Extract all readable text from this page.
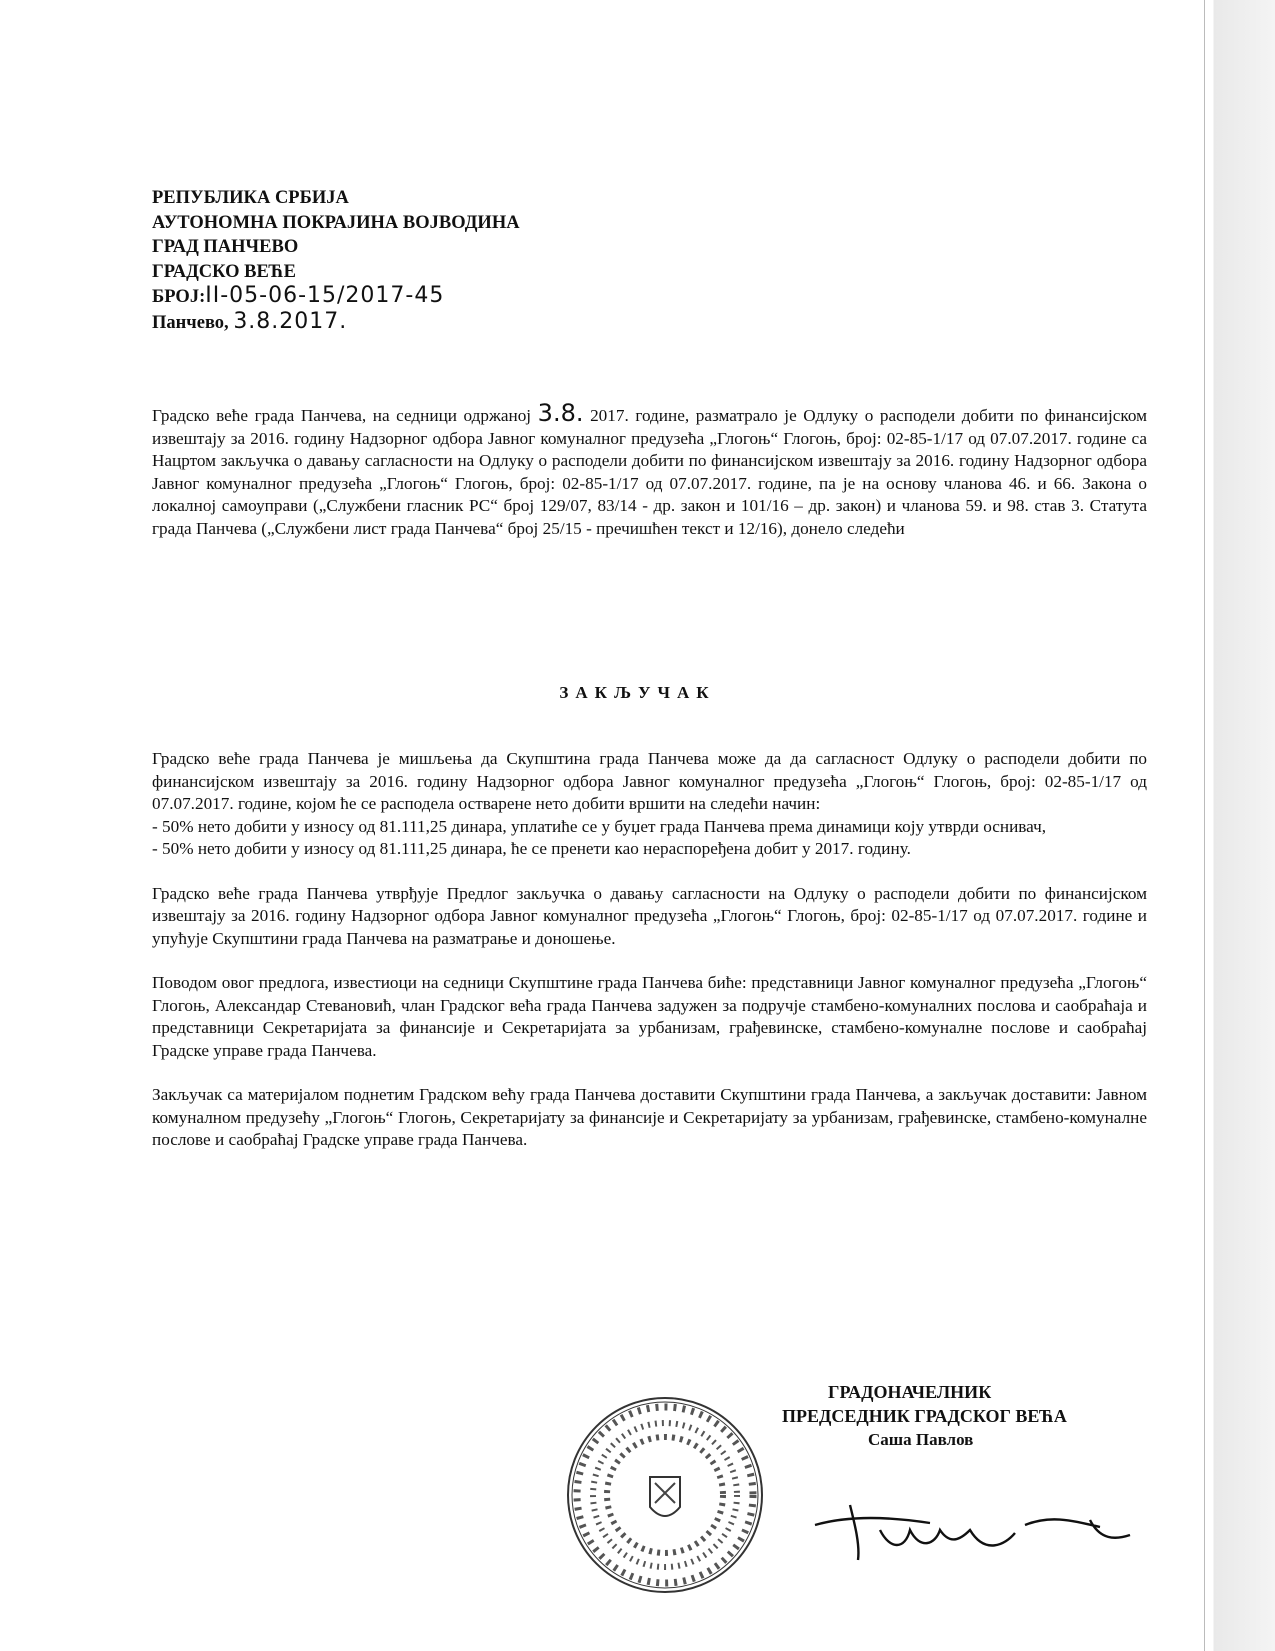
РЕПУБЛИКА СРБИЈА
АУТОНОМНА ПОКРАЈИНА ВОЈВОДИНА
ГРАД ПАНЧЕВО
ГРАДСКО ВЕЋЕ
БРОЈ:II-05-06-15/2017-45
Панчево, 3.8.2017.

Градско веће града Панчева, на седници одржаној 3.8. 2017. године, разматрало је Одлуку о расподели добити по финансијском извештају за 2016. годину Надзорног одбора Јавног комуналног предузећа „Глогоњ“ Глогоњ, број: 02-85-1/17 од 07.07.2017. године са Нацртом закључка о давању сагласности на Одлуку о расподели добити по финансијском извештају за 2016. годину Надзорног одбора Јавног комуналног предузећа „Глогоњ“ Глогоњ, број: 02-85-1/17 од 07.07.2017. године, па је на основу чланова 46. и 66. Закона о локалној самоуправи („Службени гласник РС“ број 129/07, 83/14 - др. закон и 101/16 – др. закон) и чланова 59. и 98. став 3. Статута града Панчева („Службени лист града Панчева“ број 25/15 - пречишћен текст и 12/16), донело следећи

ЗАКЉУЧАК

Градско веће града Панчева је мишљења да Скупштина града Панчева може да да сагласност Одлуку о расподели добити по финансијском извештају за 2016. годину Надзорног одбора Јавног комуналног предузећа „Глогоњ“ Глогоњ, број: 02-85-1/17 од 07.07.2017. године, којом ће се расподела остварене нето добити вршити на следећи начин:

- 50% нето добити у износу од 81.111,25 динара, уплатиће се у буџет града Панчева према динамици коју утврди оснивач,

- 50% нето добити у износу од 81.111,25 динара, ће се пренети као нераспоређена добит у 2017. годину.

Градско веће града Панчева утврђује Предлог закључка о давању сагласности на Одлуку о расподели добити по финансијском извештају за 2016. годину Надзорног одбора Јавног комуналног предузећа „Глогоњ“ Глогоњ, број: 02-85-1/17 од 07.07.2017. године и упућује Скупштини града Панчева на разматрање и доношење.

Поводом овог предлога, известиоци на седници Скупштине града Панчева биће: представници Јавног комуналног предузећа „Глогоњ“ Глогоњ, Александар Стевановић, члан Градског већа града Панчева задужен за подручје стамбено-комуналних послова и саобраћаја и представници Секретаријата за финансије и Секретаријата за урбанизам, грађевинске, стамбено-комуналне послове и саобраћај Градске управе града Панчева.

Закључак са материјалом поднетим Градском већу града Панчева доставити Скупштини града Панчева, а закључак доставити: Јавном комуналном предузећу „Глогоњ“ Глогоњ, Секретаријату за финансије и Секретаријату за урбанизам, грађевинске, стамбено-комуналне послове и саобраћај Градске управе града Панчева.

ГРАДОНАЧЕЛНИК
ПРЕДСЕДНИК ГРАДСКОГ ВЕЋА
Саша Павлов
